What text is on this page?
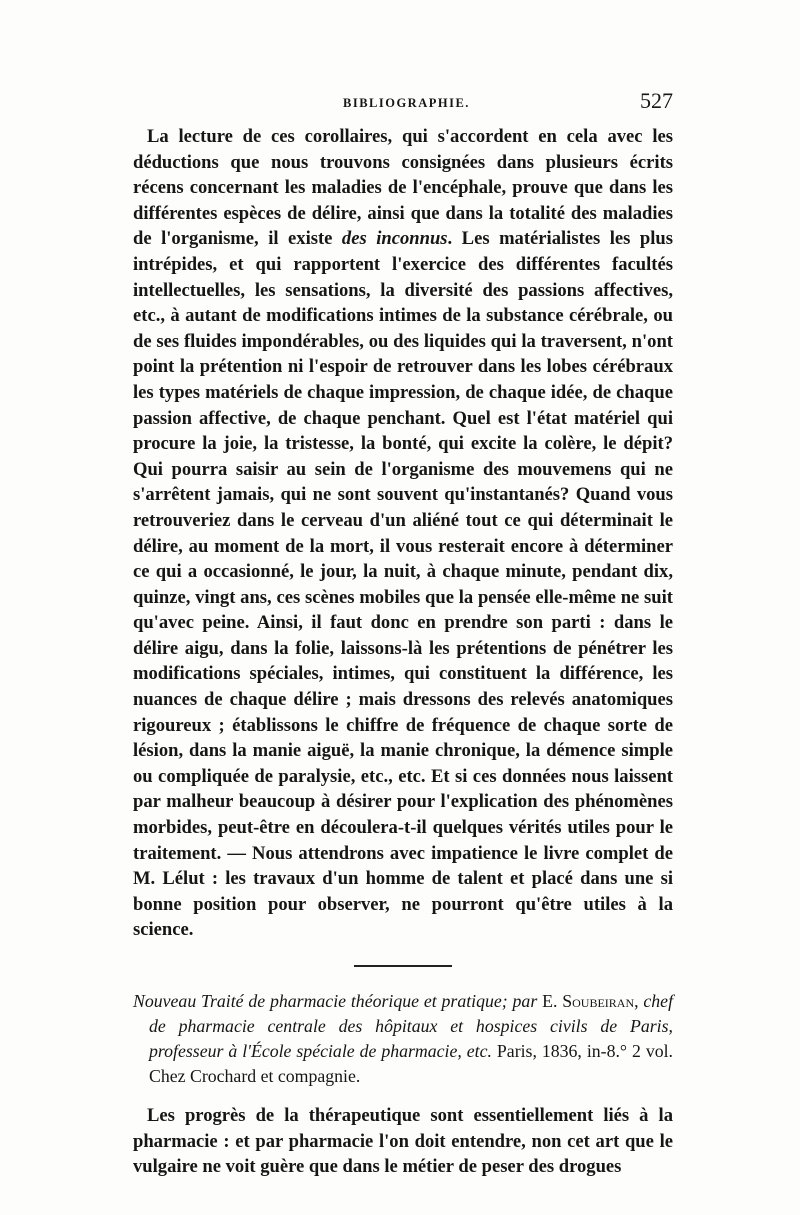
BIBLIOGRAPHIE.	527

La lecture de ces corollaires, qui s'accordent en cela avec les déductions que nous trouvons consignées dans plusieurs écrits récens concernant les maladies de l'encéphale, prouve que dans les différentes espèces de délire, ainsi que dans la totalité des maladies de l'organisme, il existe des inconnus. Les matérialistes les plus intrépides, et qui rapportent l'exercice des différentes facultés intellectuelles, les sensations, la diversité des passions affectives, etc., à autant de modifications intimes de la substance cérébrale, ou de ses fluides impondérables, ou des liquides qui la traversent, n'ont point la prétention ni l'espoir de retrouver dans les lobes cérébraux les types matériels de chaque impression, de chaque idée, de chaque passion affective, de chaque penchant. Quel est l'état matériel qui procure la joie, la tristesse, la bonté, qui excite la colère, le dépit? Qui pourra saisir au sein de l'organisme des mouvemens qui ne s'arrêtent jamais, qui ne sont souvent qu'instantanés? Quand vous retrouveriez dans le cerveau d'un aliéné tout ce qui déterminait le délire, au moment de la mort, il vous resterait encore à déterminer ce qui a occasionné, le jour, la nuit, à chaque minute, pendant dix, quinze, vingt ans, ces scènes mobiles que la pensée elle-même ne suit qu'avec peine. Ainsi, il faut donc en prendre son parti : dans le délire aigu, dans la folie, laissons-là les prétentions de pénétrer les modifications spéciales, intimes, qui constituent la différence, les nuances de chaque délire ; mais dressons des relevés anatomiques rigoureux ; établissons le chiffre de fréquence de chaque sorte de lésion, dans la manie aiguë, la manie chronique, la démence simple ou compliquée de paralysie, etc., etc. Et si ces données nous laissent par malheur beaucoup à désirer pour l'explication des phénomènes morbides, peut-être en découlera-t-il quelques vérités utiles pour le traitement. — Nous attendrons avec impatience le livre complet de M. Lélut : les travaux d'un homme de talent et placé dans une si bonne position pour observer, ne pourront qu'être utiles à la science.

Nouveau Traité de pharmacie théorique et pratique; par E. Soubeiran, chef de pharmacie centrale des hôpitaux et hospices civils de Paris, professeur à l'École spéciale de pharmacie, etc. Paris, 1836, in-8.° 2 vol. Chez Crochard et compagnie.

Les progrès de la thérapeutique sont essentiellement liés à la pharmacie : et par pharmacie l'on doit entendre, non cet art que le vulgaire ne voit guère que dans le métier de peser des drogues
